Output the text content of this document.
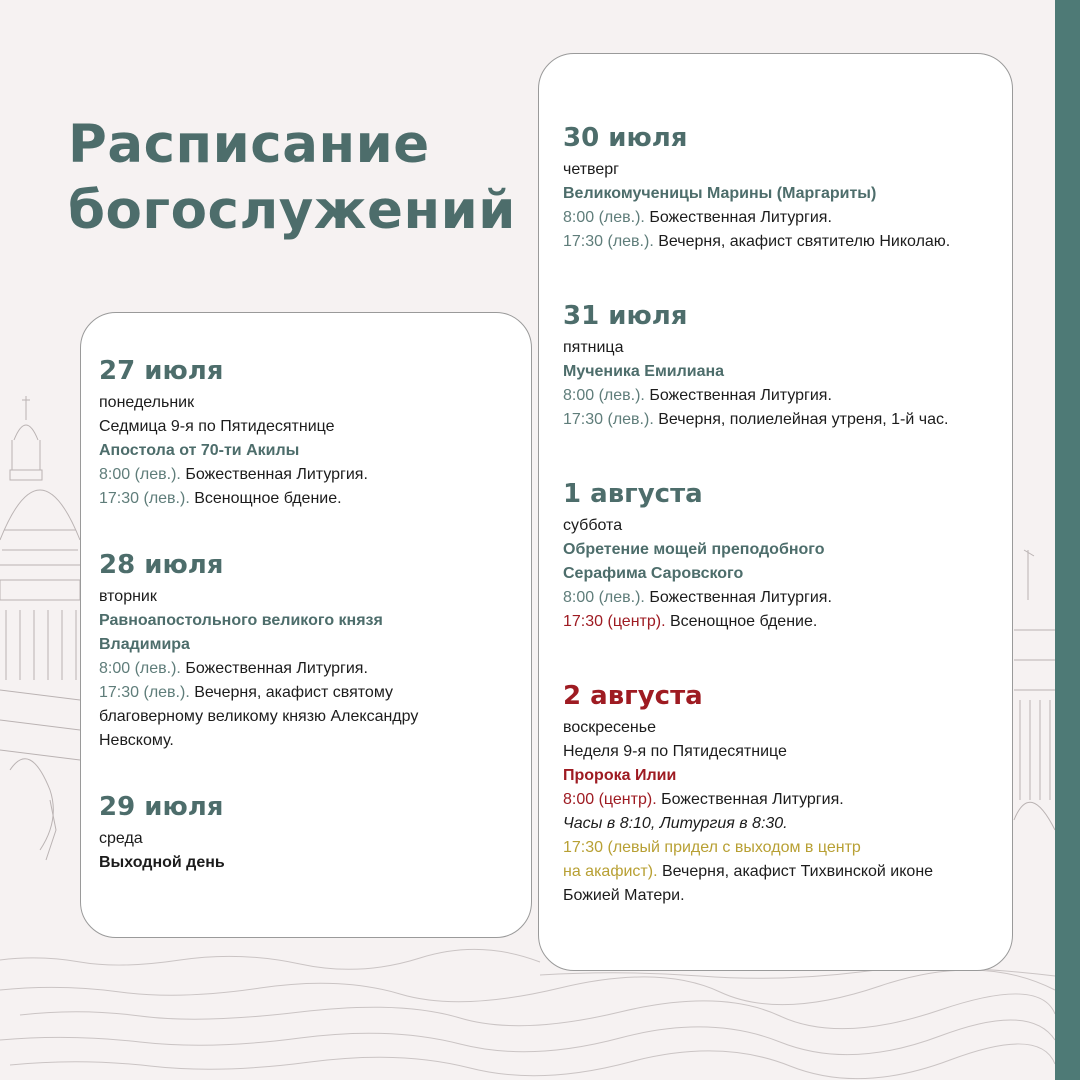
Расписание
богослужений
27 июля
понедельник
Седмица 9-я по Пятидесятнице
Апостола от 70-ти Акилы
8:00 (лев.). Божественная Литургия.
17:30 (лев.). Всенощное бдение.
28 июля
вторник
Равноапостольного великого князя
Владимира
8:00 (лев.). Божественная Литургия.
17:30 (лев.). Вечерня, акафист святому
благоверному великому князю Александру
Невскому.
29 июля
среда
Выходной день
30 июля
четверг
Великомученицы Марины (Маргариты)
8:00 (лев.). Божественная Литургия.
17:30 (лев.). Вечерня, акафист святителю Николаю.
31 июля
пятница
Мученика Емилиана
8:00 (лев.). Божественная Литургия.
17:30 (лев.). Вечерня, полиелейная утреня, 1-й час.
1 августа
суббота
Обретение мощей преподобного
Серафима Саровского
8:00 (лев.). Божественная Литургия.
17:30 (центр). Всенощное бдение.
2 августа
воскресенье
Неделя 9-я по Пятидесятнице
Пророка Илии
8:00 (центр). Божественная Литургия.
Часы в 8:10, Литургия в 8:30.
17:30 (левый придел с выходом в центр
на акафист). Вечерня, акафист Тихвинской иконе
Божией Матери.
